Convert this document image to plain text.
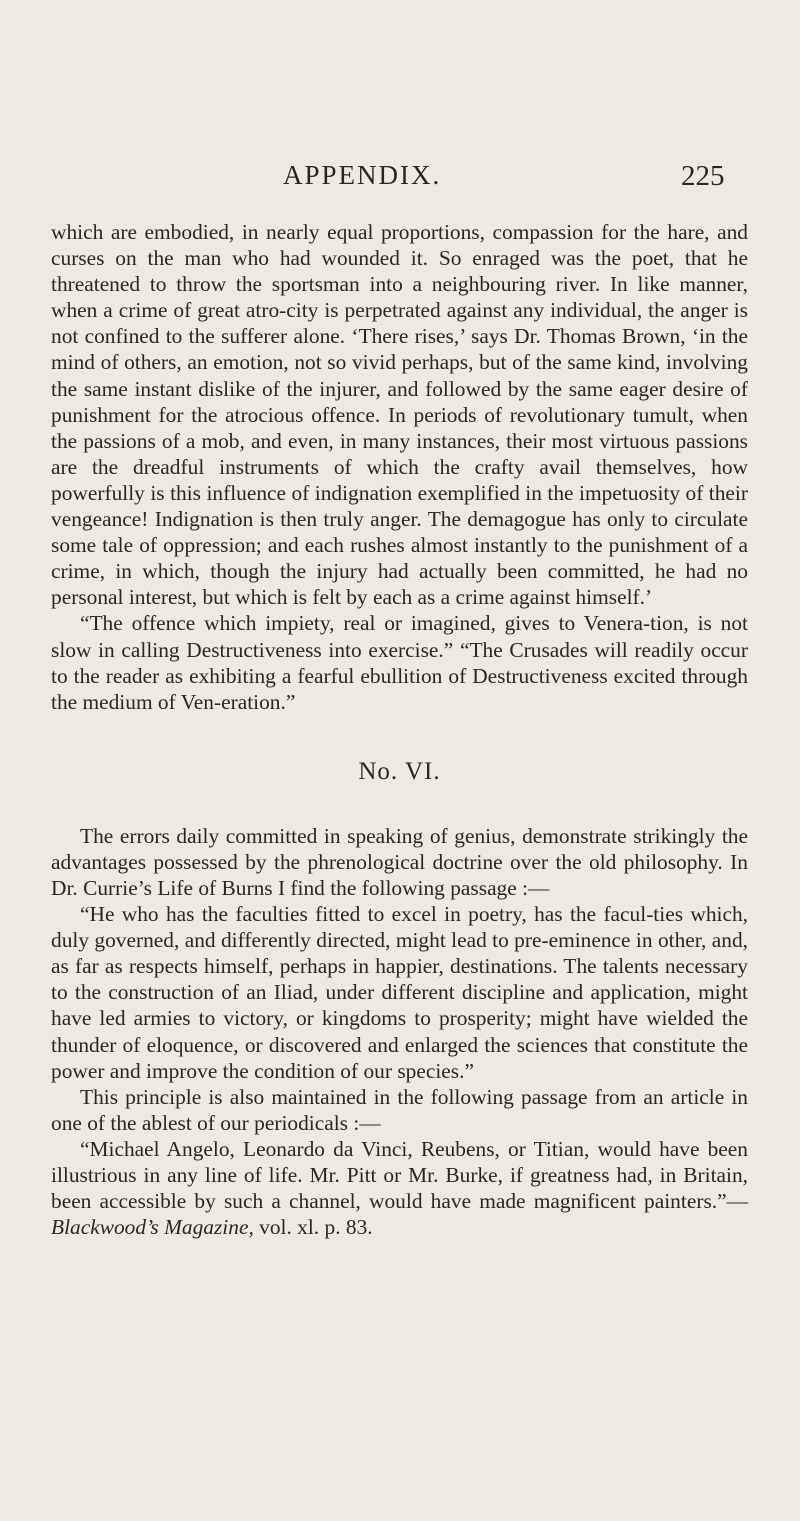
APPENDIX.	225

which are embodied, in nearly equal proportions, compassion for the hare, and curses on the man who had wounded it. So enraged was the poet, that he threatened to throw the sportsman into a neighbouring river. In like manner, when a crime of great atro-city is perpetrated against any individual, the anger is not confined to the sufferer alone. ‘There rises,’ says Dr. Thomas Brown, ‘in the mind of others, an emotion, not so vivid perhaps, but of the same kind, involving the same instant dislike of the injurer, and followed by the same eager desire of punishment for the atrocious offence. In periods of revolutionary tumult, when the passions of a mob, and even, in many instances, their most virtuous passions are the dreadful instruments of which the crafty avail themselves, how powerfully is this influence of indignation exemplified in the impetuosity of their vengeance! Indignation is then truly anger. The demagogue has only to circulate some tale of oppression; and each rushes almost instantly to the punishment of a crime, in which, though the injury had actually been committed, he had no personal interest, but which is felt by each as a crime against himself.’

“The offence which impiety, real or imagined, gives to Venera-tion, is not slow in calling Destructiveness into exercise.” “The Crusades will readily occur to the reader as exhibiting a fearful ebullition of Destructiveness excited through the medium of Ven-eration.”

No. VI.

The errors daily committed in speaking of genius, demonstrate strikingly the advantages possessed by the phrenological doctrine over the old philosophy. In Dr. Currie’s Life of Burns I find the following passage :—

“He who has the faculties fitted to excel in poetry, has the facul-ties which, duly governed, and differently directed, might lead to pre-eminence in other, and, as far as respects himself, perhaps in happier, destinations. The talents necessary to the construction of an Iliad, under different discipline and application, might have led armies to victory, or kingdoms to prosperity; might have wielded the thunder of eloquence, or discovered and enlarged the sciences that constitute the power and improve the condition of our species.”

This principle is also maintained in the following passage from an article in one of the ablest of our periodicals :—

“Michael Angelo, Leonardo da Vinci, Reubens, or Titian, would have been illustrious in any line of life. Mr. Pitt or Mr. Burke, if greatness had, in Britain, been accessible by such a channel, would have made magnificent painters.”—Blackwood’s Magazine, vol. xl. p. 83.
